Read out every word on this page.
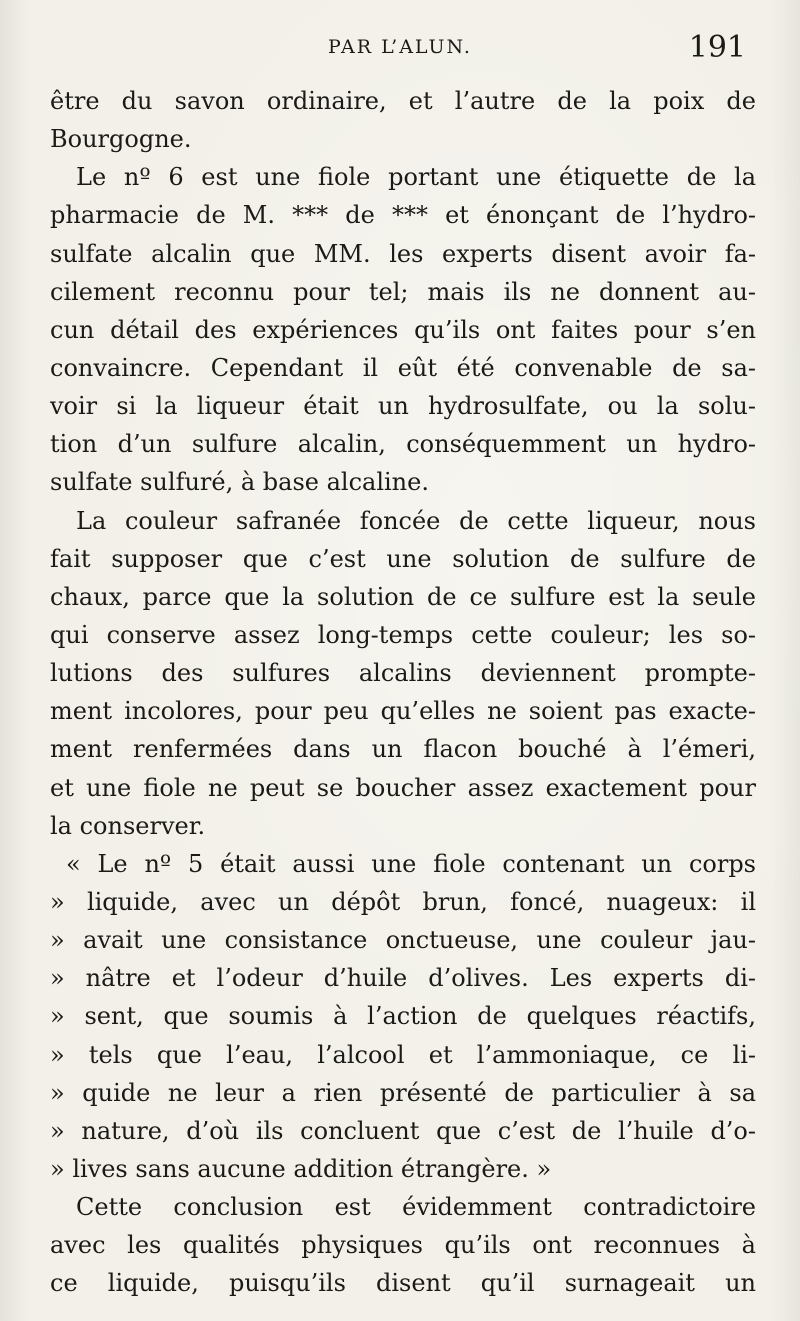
PAR L’ALUN.	191
être du savon ordinaire, et l’autre de la poix de
Bourgogne.
Le nº 6 est une fiole portant une étiquette de la
pharmacie de M. *** de *** et énonçant de l’hydro-
sulfate alcalin que MM. les experts disent avoir fa-
cilement reconnu pour tel; mais ils ne donnent au-
cun détail des expériences qu’ils ont faites pour s’en
convaincre. Cependant il eût été convenable de sa-
voir si la liqueur était un hydrosulfate, ou la solu-
tion d’un sulfure alcalin, conséquemment un hydro-
sulfate sulfuré, à base alcaline.
La couleur safranée foncée de cette liqueur, nous
fait supposer que c’est une solution de sulfure de
chaux, parce que la solution de ce sulfure est la seule
qui conserve assez long-temps cette couleur; les so-
lutions des sulfures alcalins deviennent prompte-
ment incolores, pour peu qu’elles ne soient pas exacte-
ment renfermées dans un flacon bouché à l’émeri,
et une fiole ne peut se boucher assez exactement pour
la conserver.
« Le nº 5 était aussi une fiole contenant un corps
» liquide, avec un dépôt brun, foncé, nuageux: il
» avait une consistance onctueuse, une couleur jau-
» nâtre et l’odeur d’huile d’olives. Les experts di-
» sent, que soumis à l’action de quelques réactifs,
» tels que l’eau, l’alcool et l’ammoniaque, ce li-
» quide ne leur a rien présenté de particulier à sa
» nature, d’où ils concluent que c’est de l’huile d’o-
» lives sans aucune addition étrangère. »
Cette conclusion est évidemment contradictoire
avec les qualités physiques qu’ils ont reconnues à
ce liquide, puisqu’ils disent qu’il surnageait un
